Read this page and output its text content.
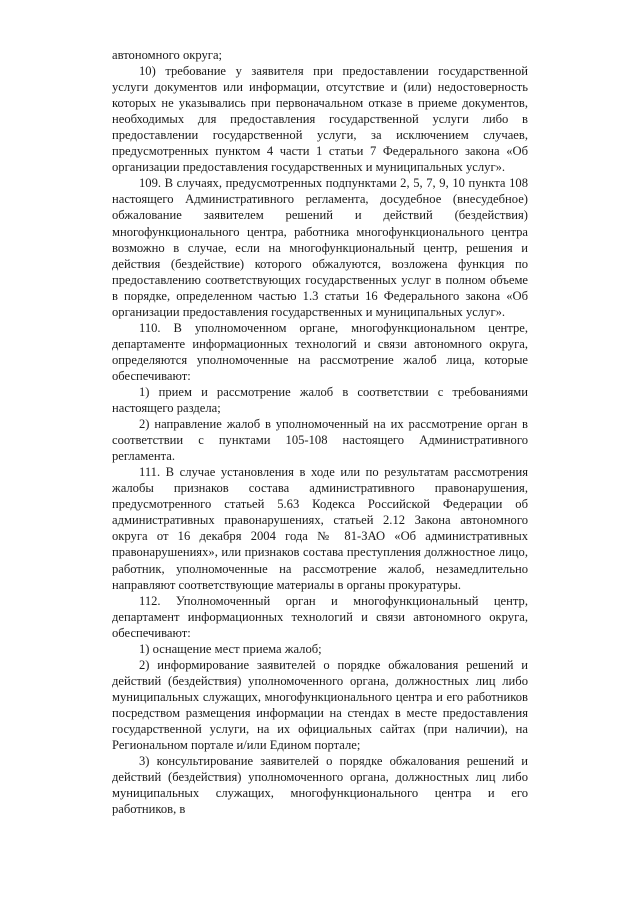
автономного округа;

10) требование у заявителя при предоставлении государственной услуги документов или информации, отсутствие и (или) недостоверность которых не указывались при первоначальном отказе в приеме документов, необходимых для предоставления государственной услуги либо в предоставлении государственной услуги, за исключением случаев, предусмотренных пунктом 4 части 1 статьи 7 Федерального закона «Об организации предоставления государственных и муниципальных услуг».

109. В случаях, предусмотренных подпунктами 2, 5, 7, 9, 10 пункта 108 настоящего Административного регламента, досудебное (внесудебное) обжалование заявителем решений и действий (бездействия) многофункционального центра, работника многофункционального центра возможно в случае, если на многофункциональный центр, решения и действия (бездействие) которого обжалуются, возложена функция по предоставлению соответствующих государственных услуг в полном объеме в порядке, определенном частью 1.3 статьи 16 Федерального закона «Об организации предоставления государственных и муниципальных услуг».

110. В уполномоченном органе, многофункциональном центре, департаменте информационных технологий и связи автономного округа, определяются уполномоченные на рассмотрение жалоб лица, которые обеспечивают:

1) прием и рассмотрение жалоб в соответствии с требованиями настоящего раздела;

2) направление жалоб в уполномоченный на их рассмотрение орган в соответствии с пунктами 105-108 настоящего Административного регламента.

111. В случае установления в ходе или по результатам рассмотрения жалобы признаков состава административного правонарушения, предусмотренного статьей 5.63 Кодекса Российской Федерации об административных правонарушениях, статьей 2.12 Закона автономного округа от 16 декабря 2004 года № 81-ЗАО «Об административных правонарушениях», или признаков состава преступления должностное лицо, работник, уполномоченные на рассмотрение жалоб, незамедлительно направляют соответствующие материалы в органы прокуратуры.

112. Уполномоченный орган и многофункциональный центр, департамент информационных технологий и связи автономного округа, обеспечивают:

1) оснащение мест приема жалоб;

2) информирование заявителей о порядке обжалования решений и действий (бездействия) уполномоченного органа, должностных лиц либо муниципальных служащих, многофункционального центра и его работников посредством размещения информации на стендах в месте предоставления государственной услуги, на их официальных сайтах (при наличии), на Региональном портале и/или Едином портале;

3) консультирование заявителей о порядке обжалования решений и действий (бездействия) уполномоченного органа, должностных лиц либо муниципальных служащих, многофункционального центра и его работников, в
